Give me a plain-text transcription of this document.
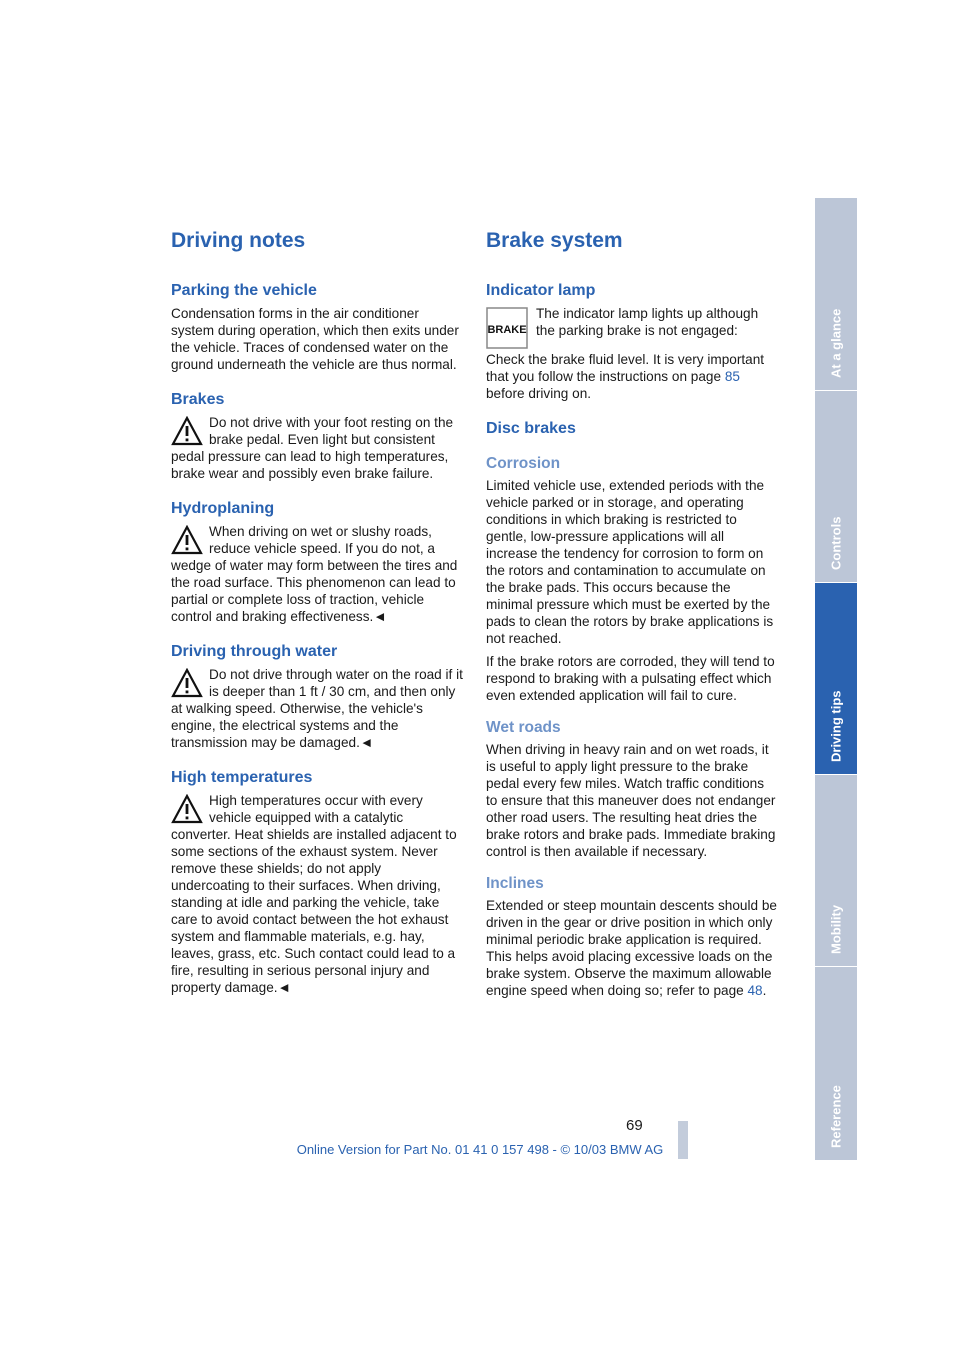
Driving notes
Parking the vehicle

Condensation forms in the air conditioner system during operation, which then exits under the vehicle. Traces of condensed water on the ground underneath the vehicle are thus normal.

Brakes
Do not drive with your foot resting on the brake pedal. Even light but consistent pedal pressure can lead to high temperatures, brake wear and possibly even brake failure.
Hydroplaning
When driving on wet or slushy roads, reduce vehicle speed. If you do not, a wedge of water may form between the tires and the road surface. This phenomenon can lead to partial or complete loss of traction, vehicle control and braking effectiveness.◄
Driving through water
Do not drive through water on the road if it is deeper than 1 ft / 30 cm, and then only at walking speed. Otherwise, the vehicle's engine, the electrical systems and the transmission may be damaged.◄
High temperatures
High temperatures occur with every vehicle equipped with a catalytic converter. Heat shields are installed adjacent to some sections of the exhaust system. Never remove these shields; do not apply undercoating to their surfaces. When driving, standing at idle and parking the vehicle, take care to avoid contact between the hot exhaust system and flammable materials, e.g. hay, leaves, grass, etc. Such contact could lead to a fire, resulting in serious personal injury and property damage.◄
Brake system
Indicator lamp
BRAKE
The indicator lamp lights up although the parking brake is not engaged:

Check the brake fluid level. It is very important that you follow the instructions on page 85 before driving on.

Disc brakes
Corrosion

Limited vehicle use, extended periods with the vehicle parked or in storage, and operating conditions in which braking is restricted to gentle, low-pressure applications will all increase the tendency for corrosion to form on the rotors and contamination to accumulate on the brake pads. This occurs because the minimal pressure which must be exerted by the pads to clean the rotors by brake applications is not reached.

If the brake rotors are corroded, they will tend to respond to braking with a pulsating effect which even extended application will fail to cure.

Wet roads

When driving in heavy rain and on wet roads, it is useful to apply light pressure to the brake pedal every few miles. Watch traffic conditions to ensure that this maneuver does not endanger other road users. The resulting heat dries the brake rotors and brake pads. Immediate braking control is then available if necessary.

Inclines

Extended or steep mountain descents should be driven in the gear or drive position in which only minimal periodic brake application is required. This helps avoid placing excessive loads on the brake system. Observe the maximum allowable engine speed when doing so; refer to page 48.

69
Online Version for Part No. 01 41 0 157 498 - © 10/03 BMW AG
At a glance
Controls
Driving tips
Mobility
Reference
